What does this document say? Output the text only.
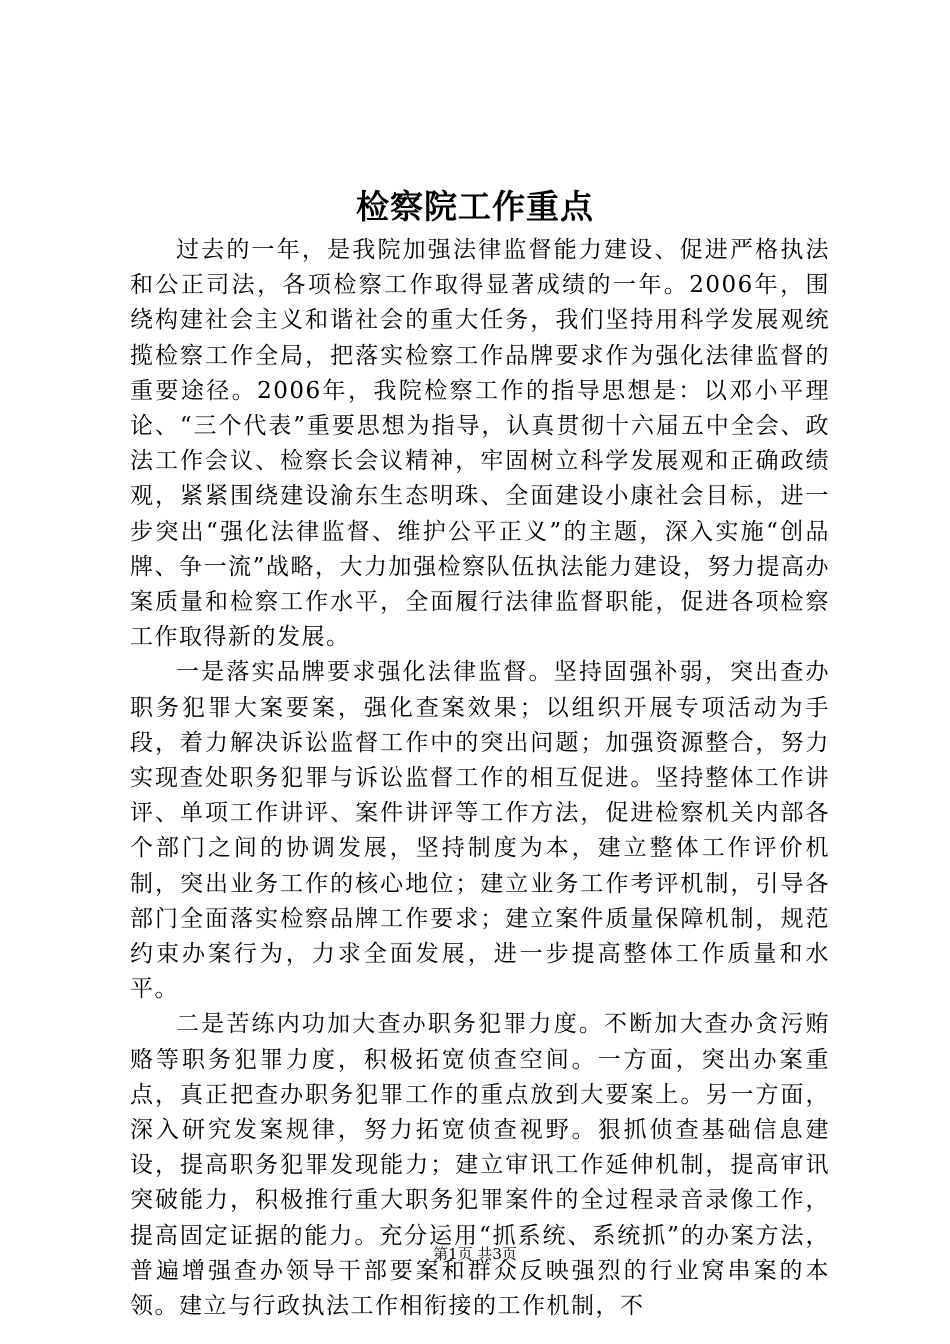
检察院工作重点

过去的一年，是我院加强法律监督能力建设、促进严格执法和公正司法，各项检察工作取得显著成绩的一年。2006年，围绕构建社会主义和谐社会的重大任务，我们坚持用科学发展观统揽检察工作全局，把落实检察工作品牌要求作为强化法律监督的重要途径。2006年，我院检察工作的指导思想是：以邓小平理论、“三个代表”重要思想为指导，认真贯彻十六届五中全会、政法工作会议、检察长会议精神，牢固树立科学发展观和正确政绩观，紧紧围绕建设渝东生态明珠、全面建设小康社会目标，进一步突出“强化法律监督、维护公平正义”的主题，深入实施“创品牌、争一流”战略，大力加强检察队伍执法能力建设，努力提高办案质量和检察工作水平，全面履行法律监督职能，促进各项检察工作取得新的发展。

一是落实品牌要求强化法律监督。坚持固强补弱，突出查办职务犯罪大案要案，强化查案效果；以组织开展专项活动为手段，着力解决诉讼监督工作中的突出问题；加强资源整合，努力实现查处职务犯罪与诉讼监督工作的相互促进。坚持整体工作讲评、单项工作讲评、案件讲评等工作方法，促进检察机关内部各个部门之间的协调发展，坚持制度为本，建立整体工作评价机制，突出业务工作的核心地位；建立业务工作考评机制，引导各部门全面落实检察品牌工作要求；建立案件质量保障机制，规范约束办案行为，力求全面发展，进一步提高整体工作质量和水平。

二是苦练内功加大查办职务犯罪力度。不断加大查办贪污贿赂等职务犯罪力度，积极拓宽侦查空间。一方面，突出办案重点，真正把查办职务犯罪工作的重点放到大要案上。另一方面，深入研究发案规律，努力拓宽侦查视野。狠抓侦查基础信息建设，提高职务犯罪发现能力；建立审讯工作延伸机制，提高审讯突破能力，积极推行重大职务犯罪案件的全过程录音录像工作，提高固定证据的能力。充分运用“抓系统、系统抓”的办案方法，普遍增强查办领导干部要案和群众反映强烈的行业窝串案的本领。建立与行政执法工作相衔接的工作机制，不

第1页 共3页
